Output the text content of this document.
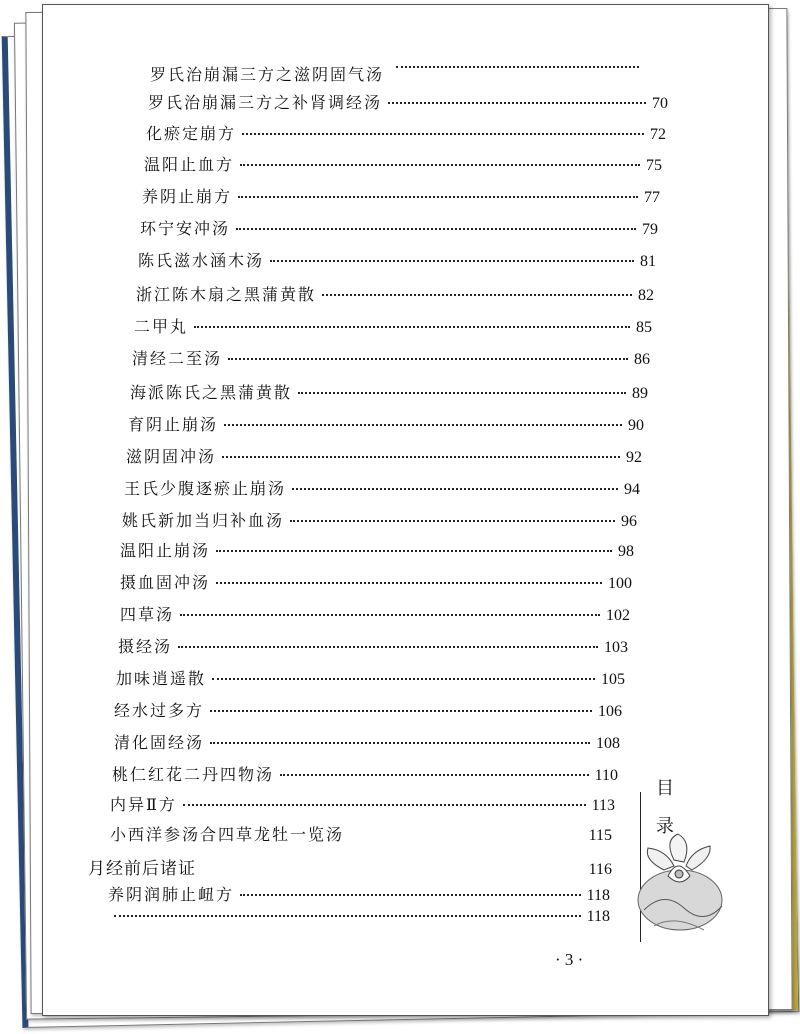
罗氏治崩漏三方之滋阴固气汤
罗氏治崩漏三方之补肾调经汤	70
化瘀定崩方	72
温阳止血方	75
养阴止崩方	77
环宁安冲汤	79
陈氏滋水涵木汤	81
浙江陈木扇之黑蒲黄散	82
二甲丸	85
清经二至汤	86
海派陈氏之黑蒲黄散	89
育阴止崩汤	90
滋阴固冲汤	92
王氏少腹逐瘀止崩汤	94
姚氏新加当归补血汤	96
温阳止崩汤	98
摄血固冲汤	100
四草汤	102
摄经汤	103
加味逍遥散	105
经水过多方	106
清化固经汤	108
桃仁红花二丹四物汤	110
内异Ⅱ方	113
小西洋参汤合四草龙牡一览汤	115
月经前后诸证	116
养阴润肺止衄方	118
118
目
录
· 3 ·
